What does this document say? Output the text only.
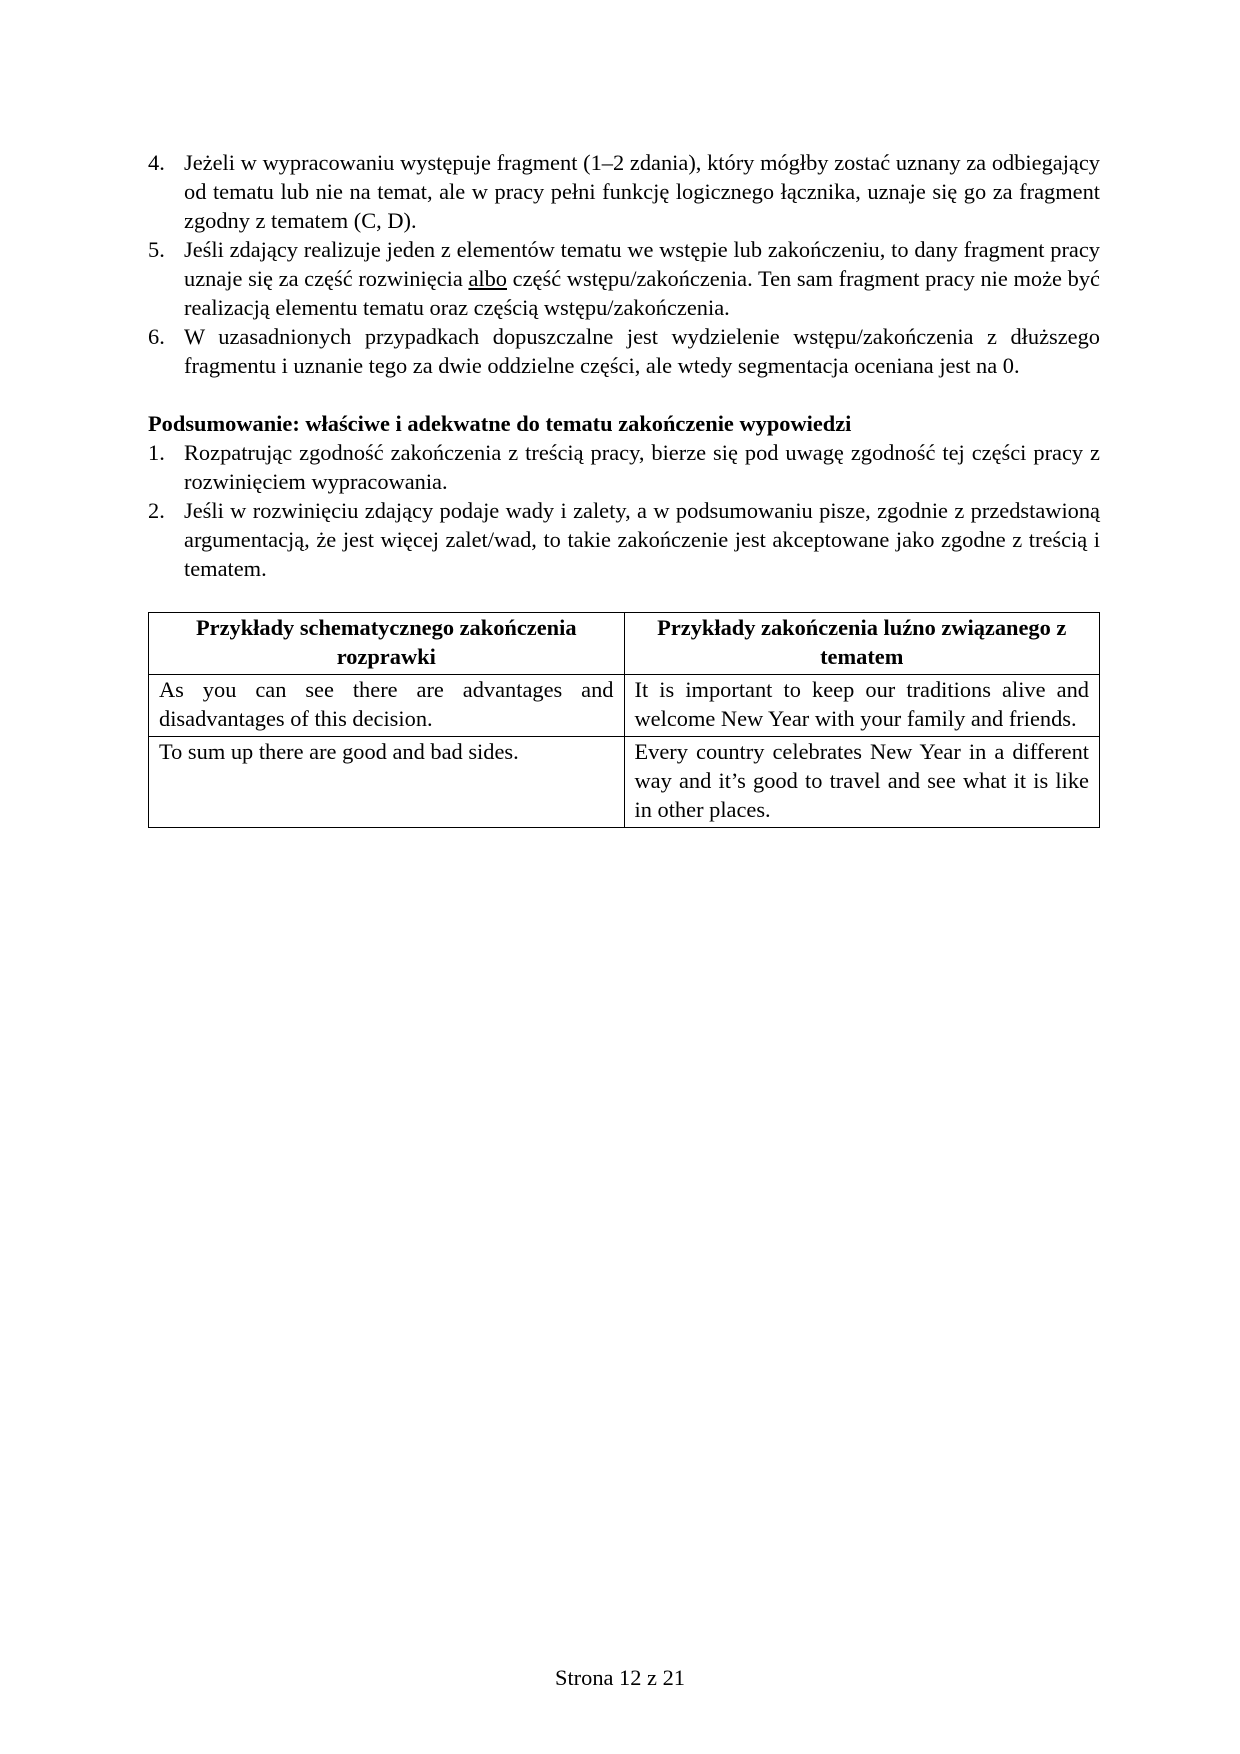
4. Jeżeli w wypracowaniu występuje fragment (1–2 zdania), który mógłby zostać uznany za odbiegający od tematu lub nie na temat, ale w pracy pełni funkcję logicznego łącznika, uznaje się go za fragment zgodny z tematem (C, D).
5. Jeśli zdający realizuje jeden z elementów tematu we wstępie lub zakończeniu, to dany fragment pracy uznaje się za część rozwinięcia albo część wstępu/zakończenia. Ten sam fragment pracy nie może być realizacją elementu tematu oraz częścią wstępu/zakończenia.
6. W uzasadnionych przypadkach dopuszczalne jest wydzielenie wstępu/zakończenia z dłuższego fragmentu i uznanie tego za dwie oddzielne części, ale wtedy segmentacja oceniana jest na 0.
Podsumowanie: właściwe i adekwatne do tematu zakończenie wypowiedzi
1. Rozpatrując zgodność zakończenia z treścią pracy, bierze się pod uwagę zgodność tej części pracy z rozwinięciem wypracowania.
2. Jeśli w rozwinięciu zdający podaje wady i zalety, a w podsumowaniu pisze, zgodnie z przedstawioną argumentacją, że jest więcej zalet/wad, to takie zakończenie jest akceptowane jako zgodne z treścią i tematem.
Przykłady schematycznego zakończenia rozprawki	Przykłady zakończenia luźno związanego z tematem
As you can see there are advantages and disadvantages of this decision.	It is important to keep our traditions alive and welcome New Year with your family and friends.
To sum up there are good and bad sides.	Every country celebrates New Year in a different way and it’s good to travel and see what it is like in other places.
Strona 12 z 21
